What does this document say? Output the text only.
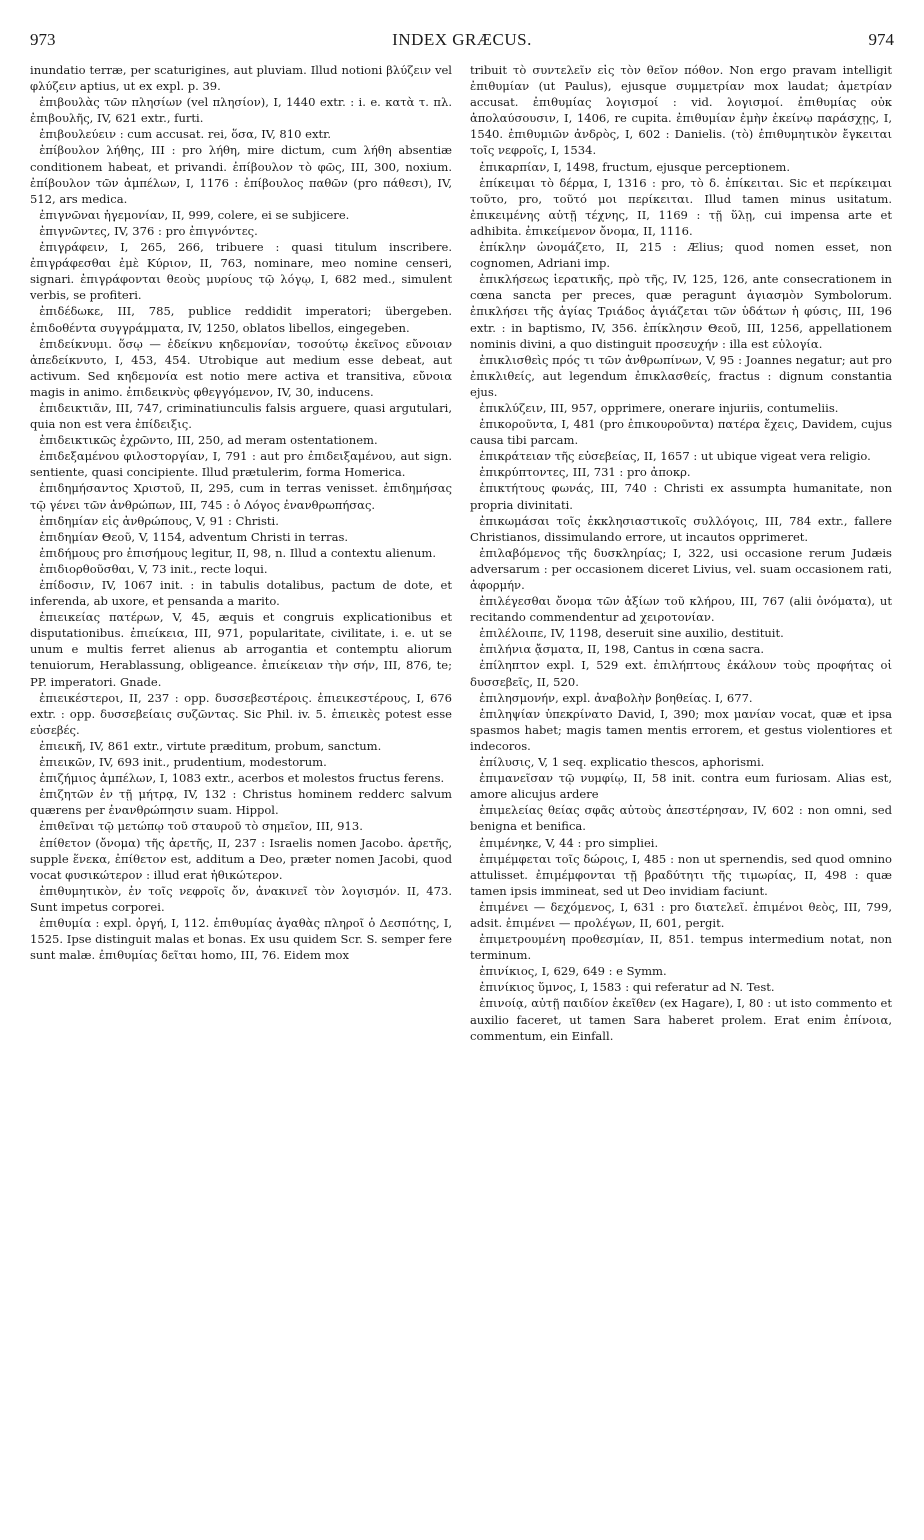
973	INDEX GRÆCUS.	974

inundatio terræ, per scaturigines, aut pluviam. Illud notioni βλύζειν vel φλύζειν aptius, ut ex expl. p. 39.

ἐπιβουλὰς τῶν πλησίων (vel πλησίον), I, 1440 extr. : i. e. κατὰ τ. πλ. ἐπιβουλῆς, IV, 621 extr., furti.

ἐπιβουλεύειν : cum accusat. rei, ὅσα, IV, 810 extr.

ἐπίβουλον λήθης, III : pro λήθη, mire dictum, cum λήθη absentiæ conditionem habeat, et privandi. ἐπίβουλον τὸ φῶς, III, 300, noxium. ἐπίβουλον τῶν ἀμπέλων, I, 1176 : ἐπίβουλος παθῶν (pro πάθεσι), IV, 512, ars medica.

ἐπιγνῶναι ἡγεμονίαν, II, 999, colere, ei se subjicere.

ἐπιγνῶντες, IV, 376 : pro ἐπιγνόντες.

ἐπιγράφειν, I, 265, 266, tribuere : quasi titulum inscribere. ἐπιγράφεσθαι ἐμὲ Κύριον, II, 763, nominare, meo nomine censeri, signari. ἐπιγράφονται θεοὺς μυρίους τῷ λόγῳ, I, 682 med., simulent verbis, se profiteri.

ἐπιδέδωκε, III, 785, publice reddidit imperatori; übergeben. ἐπιδοθέντα συγγράμματα, IV, 1250, oblatos libellos, eingegeben.

ἐπιδείκνυμι. ὅσῳ — ἐδείκνυ κηδεμονίαν, τοσούτῳ ἐκεῖνος εὔνοιαν ἀπεδείκνυτο, I, 453, 454. Utrobique aut medium esse debeat, aut activum. Sed κηδεμονία est notio mere activa et transitiva, εὔνοια magis in animo. ἐπιδεικνὺς φθεγγόμενον, IV, 30, inducens.

ἐπιδεικτιᾶν, III, 747, criminatiunculis falsis arguere, quasi argutulari, quia non est vera ἐπίδειξις.

ἐπιδεικτικῶς ἐχρῶντο, III, 250, ad meram ostentationem.

ἐπιδεξαμένου φιλοστοργίαν, I, 791 : aut pro ἐπιδειξαμένου, aut sign. sentiente, quasi concipiente. Illud prætulerim, forma Homerica.

ἐπιδημήσαντος Χριστοῦ, II, 295, cum in terras venisset. ἐπιδημήσας τῷ γένει τῶν ἀνθρώπων, III, 745 : ὁ Λόγος ἐνανθρωπήσας.

ἐπιδημίαν εἰς ἀνθρώπους, V, 91 : Christi.

ἐπιδημίαν Θεοῦ, V, 1154, adventum Christi in terras.

ἐπιδήμους pro ἐπισήμους legitur, II, 98, n. Illud a contextu alienum.

ἐπιδιορθοῦσθαι, V, 73 init., recte loqui.

ἐπίδοσιν, IV, 1067 init. : in tabulis dotalibus, pactum de dote, et inferenda, ab uxore, et pensanda a marito.

ἐπιεικείας πατέρων, V, 45, æquis et congruis explicationibus et disputationibus. ἐπιείκεια, III, 971, popularitate, civilitate, i. e. ut se unum e multis ferret alienus ab arrogantia et contemptu aliorum tenuiorum, Herablassung, obligeance. ἐπιείκειαν τὴν σήν, III, 876, te; PP. imperatori. Gnade.

ἐπιεικέστεροι, II, 237 : opp. δυσσεβεστέροις. ἐπιεικεστέρους, I, 676 extr. : opp. δυσσεβείαις συζῶντας. Sic Phil. iv. 5. ἐπιεικὲς potest esse εὐσεβές.

ἐπιεικῆ, IV, 861 extr., virtute præditum, probum, sanctum.

ἐπιεικῶν, IV, 693 init., prudentium, modestorum.

ἐπιζήμιος ἀμπέλων, I, 1083 extr., acerbos et molestos fructus ferens.

ἐπιζητῶν ἐν τῇ μήτρᾳ, IV, 132 : Christus hominem redderc salvum quærens per ἐνανθρώπησιν suam. Hippol.

ἐπιθεῖναι τῷ μετώπῳ τοῦ σταυροῦ τὸ σημεῖον, III, 913.

ἐπίθετον (ὄνομα) τῆς ἀρετῆς, II, 237 : Israelis nomen Jacobo. ἀρετῆς, supple ἕνεκα, ἐπίθετον est, additum a Deo, præter nomen Jacobi, quod vocat φυσικώτερον : illud erat ἠθικώτερον.

ἐπιθυμητικὸν, ἐν τοῖς νεφροῖς ὄν, ἀνακινεῖ τὸν λογισμόν. II, 473. Sunt impetus corporei.

ἐπιθυμία : expl. ὀργή, I, 112. ἐπιθυμίας ἀγαθὰς πληροῖ ὁ Δεσπότης, I, 1525. Ipse distinguit malas et bonas. Ex usu quidem Scr. S. semper fere sunt malæ. ἐπιθυμίας δεῖται homo, III, 76. Eidem mox

tribuit τὸ συντελεῖν εἰς τὸν θεῖον πόθον. Non ergo pravam intelligit ἐπιθυμίαν (ut Paulus), ejusque συμμετρίαν mox laudat; ἀμετρίαν accusat. ἐπιθυμίας λογισμοί : vid. λογισμοί. ἐπιθυμίας οὐκ ἀπολαύσουσιν, I, 1406, re cupita. ἐπιθυμίαν ἐμὴν ἐκείνῳ παράσχῃς, I, 1540. ἐπιθυμιῶν ἀνδρὸς, I, 602 : Danielis. (τὸ) ἐπιθυμητικὸν ἔγκειται τοῖς νεφροῖς, I, 1534.

ἐπικαρπίαν, I, 1498, fructum, ejusque perceptionem.

ἐπίκειμαι τὸ δέρμα, I, 1316 : pro, τὸ δ. ἐπίκειται. Sic et περίκειμαι τοῦτο, pro, τοῦτό μοι περίκειται. Illud tamen minus usitatum. ἐπικειμένης αὐτῇ τέχνης, II, 1169 : τῇ ὕλῃ, cui impensa arte et adhibita. ἐπικείμενον ὄνομα, II, 1116.

ἐπίκλην ὠνομάζετο, II, 215 : Ælius; quod nomen esset, non cognomen, Adriani imp.

ἐπικλήσεως ἱερατικῆς, πρὸ τῆς, IV, 125, 126, ante consecrationem in cœna sancta per preces, quæ peragunt ἁγιασμὸν Symbolorum. ἐπικλήσει τῆς ἁγίας Τριάδος ἁγιάζεται τῶν ὑδάτων ἡ φύσις, III, 196 extr. : in baptismo, IV, 356. ἐπίκλησιν Θεοῦ, III, 1256, appellationem nominis divini, a quo distinguit προσευχήν : illa est εὐλογία.

ἐπικλισθεὶς πρός τι τῶν ἀνθρωπίνων, V, 95 : Joannes negatur; aut pro ἐπικλιθείς, aut legendum ἐπικλασθείς, fractus : dignum constantia ejus.

ἐπικλύζειν, III, 957, opprimere, onerare injuriis, contumeliis.

ἐπικοροῦντα, I, 481 (pro ἐπικουροῦντα) πατέρα ἔχεις, Davidem, cujus causa tibi parcam.

ἐπικράτειαν τῆς εὐσεβείας, II, 1657 : ut ubique vigeat vera religio.

ἐπικρύπτοντες, III, 731 : pro ἀποκρ.

ἐπικτήτους φωνάς, III, 740 : Christi ex assumpta humanitate, non propria divinitati.

ἐπικωμάσαι τοῖς ἐκκλησιαστικοῖς συλλόγοις, III, 784 extr., fallere Christianos, dissimulando errore, ut incautos opprimeret.

ἐπιλαβόμενος τῆς δυσκληρίας; I, 322, usi occasione rerum Judæis adversarum : per occasionem diceret Livius, vel. suam occasionem rati, ἀφορμήν.

ἐπιλέγεσθαι ὄνομα τῶν ἀξίων τοῦ κλήρου, III, 767 (alii ὀνόματα), ut recitando commendentur ad χειροτονίαν.

ἐπιλέλοιπε, IV, 1198, deseruit sine auxilio, destituit.

ἐπιλήνια ᾄσματα, II, 198, Cantus in cœna sacra.

ἐπίληπτον expl. I, 529 ext. ἐπιλήπτους ἐκάλουν τοὺς προφήτας οἱ δυσσεβεῖς, II, 520.

ἐπιλησμονήν, expl. ἀναβολὴν βοηθείας. I, 677.

ἐπιληψίαν ὑπεκρίνατο David, I, 390; mox μανίαν vocat, quæ et ipsa spasmos habet; magis tamen mentis errorem, et gestus violentiores et indecoros.

ἐπίλυσις, V, 1 seq. explicatio thescos, aphorismi.

ἐπιμανεῖσαν τῷ νυμφίῳ, II, 58 init. contra eum furiosam. Alias est, amore alicujus ardere

ἐπιμελείας θείας σφᾶς αὐτοὺς ἀπεστέρησαν, IV, 602 : non omni, sed benigna et benifica.

ἐπιμένηκε, V, 44 : pro simpliei.

ἐπιμέμφεται τοῖς δώροις, I, 485 : non ut spernendis, sed quod omnino attulisset. ἐπιμέμφονται τῇ βραδύτητι τῆς τιμωρίας, II, 498 : quæ tamen ipsis immineat, sed ut Deo invidiam faciunt.

ἐπιμένει — δεχόμενος, I, 631 : pro διατελεῖ. ἐπιμένοι θεὸς, III, 799, adsit. ἐπιμένει — προλέγων, II, 601, pergit.

ἐπιμετρουμένη προθεσμίαν, II, 851. tempus intermedium notat, non terminum.

ἐπινίκιος, I, 629, 649 : e Symm.

ἐπινίκιος ὕμνος, I, 1583 : qui referatur ad N. Test.

ἐπινοίᾳ, αὐτῇ παιδίον ἐκεῖθεν (ex Hagare), I, 80 : ut isto commento et auxilio faceret, ut tamen Sara haberet prolem. Erat enim ἐπίνοια, commentum, ein Einfall.
